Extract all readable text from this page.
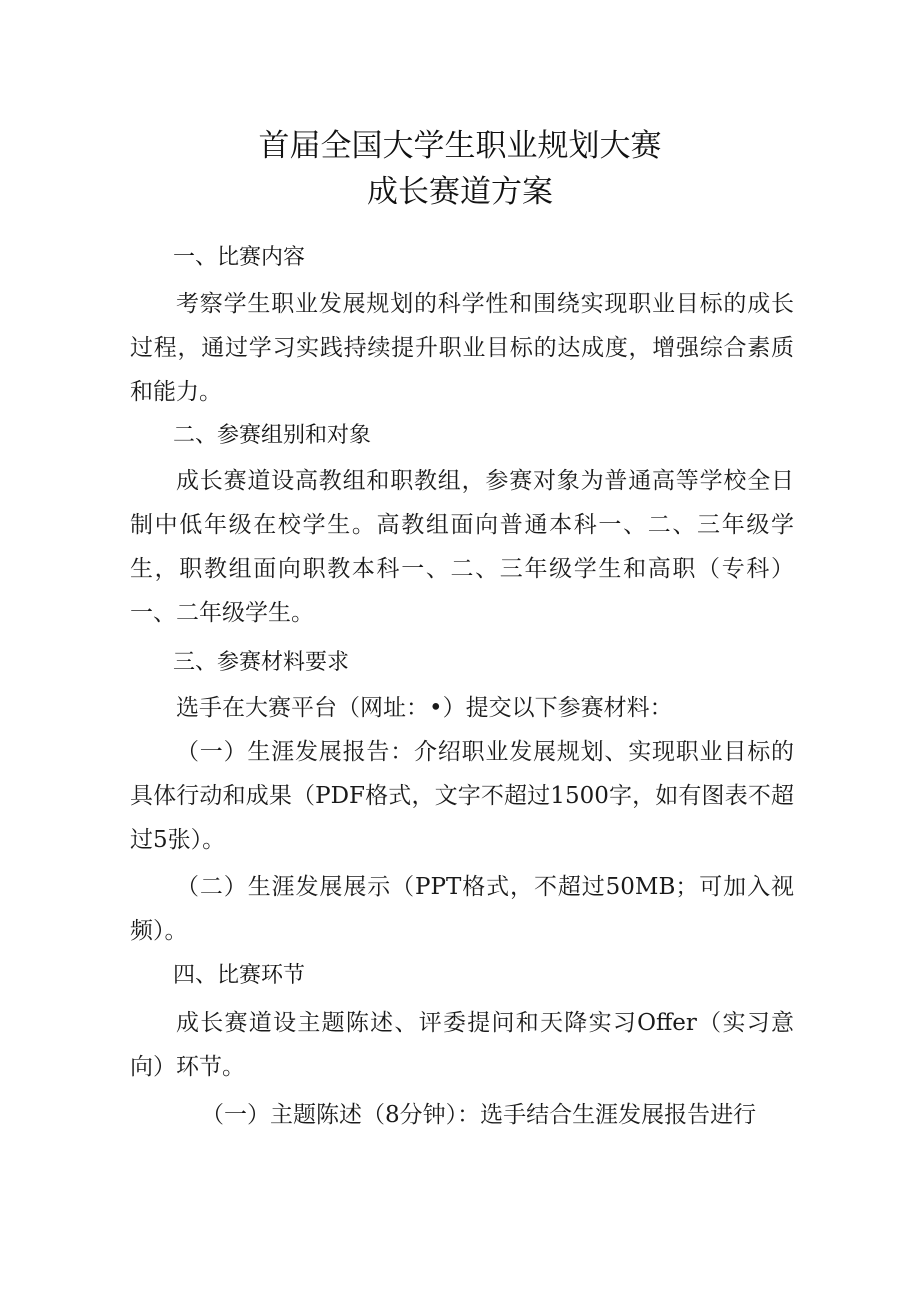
首届全国大学生职业规划大赛
成长赛道方案
一、比赛内容

考察学生职业发展规划的科学性和围绕实现职业目标的成长过程，通过学习实践持续提升职业目标的达成度，增强综合素质和能力。

二、参赛组别和对象

成长赛道设高教组和职教组，参赛对象为普通高等学校全日制中低年级在校学生。高教组面向普通本科一、二、三年级学生，职教组面向职教本科一、二、三年级学生和高职（专科）一、二年级学生。

三、参赛材料要求

选手在大赛平台（网址：•）提交以下参赛材料：

（一）生涯发展报告：介绍职业发展规划、实现职业目标的具体行动和成果（PDF格式，文字不超过1500字，如有图表不超过5张）。

（二）生涯发展展示（PPT格式，不超过50MB；可加入视频）。

四、比赛环节

成长赛道设主题陈述、评委提问和天降实习Offer（实习意向）环节。

（一）主题陈述（8分钟）：选手结合生涯发展报告进行
